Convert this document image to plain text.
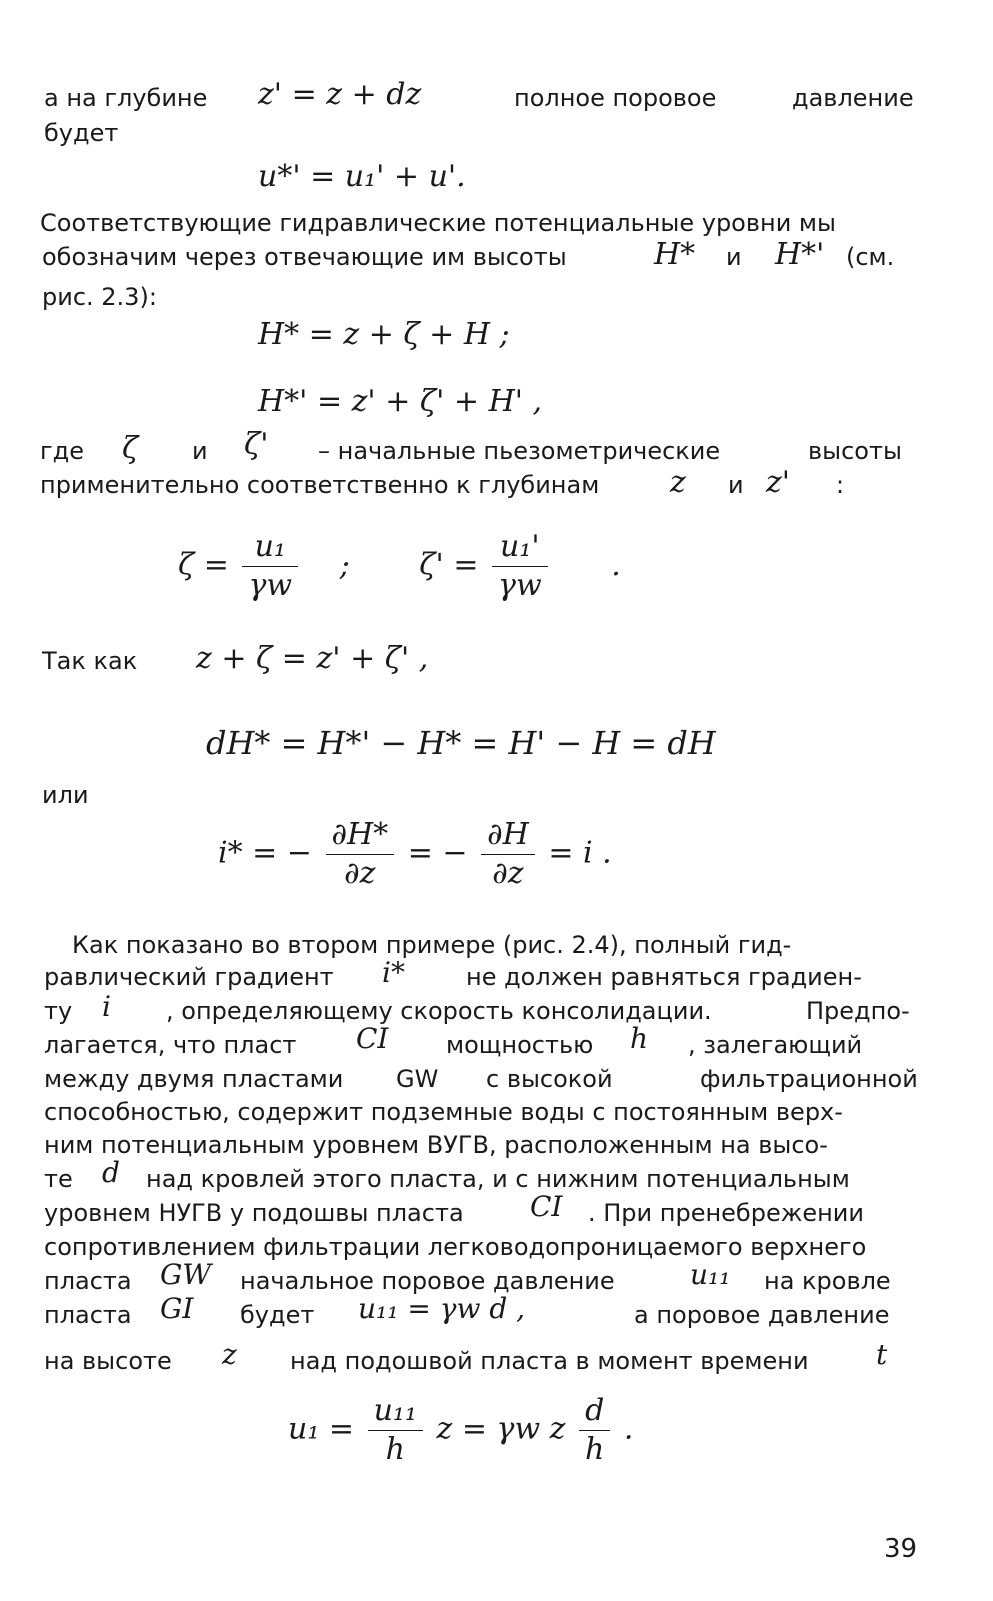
а на глубине z' = z + dz	полное поровое	давление
будет
u*' = u₁' + u'.
Соответствующие гидравлические потенциальные уровни мы
обозначим через отвечающие им высоты	H* и H*' (см.
рис. 2.3):
H* = z + ζ + H ;
H*' = z' + ζ' + H' ,
где ζ и ζ' – начальные пьезометрические	высоты
применительно соответственно к глубинам z и z' :
$\zeta = \frac{\text{u₁}}{\gamma w}$ ; $\zeta' = \frac{\text{u₁'}}{\gamma w}$ .
Так как z + ζ = z' + ζ' ,
dH* = H*' − H* = H' − H = dH
или
i* = − $\frac{\partial H*}{\partial z}$ = − $\frac{\partial H}{\partial z} = i$ .
Как показано во втором примере (рис. 2.4), полный гид-
равлический градиент i*	не должен равняться градиен-
ту i , определяющему скорость консолидации.	Предпо-
лагается, что пласт CI мощностью h , залегающий
между двумя пластами GW с высокой	фильтрационной
способностью, содержит подземные воды с постоянным верх-
ним потенциальным уровнем ВУГВ, расположенным на высо-
те d над кровлей этого пласта, и с нижним потенциальным
уровнем НУГВ у подошвы пласта CI . При пренебрежении
сопротивлением фильтрации легководопроницаемого верхнего
пласта GW начальное поровое давление	u₁₁ на кровле
пласта GI будет u₁₁ = γw d ,	а поровое давление
на высоте z над подошвой пласта в момент времени t
$u_1 = \frac{\text{u₁₁}}{h}$ z = γw z $\frac{d}{h}$ .
39
